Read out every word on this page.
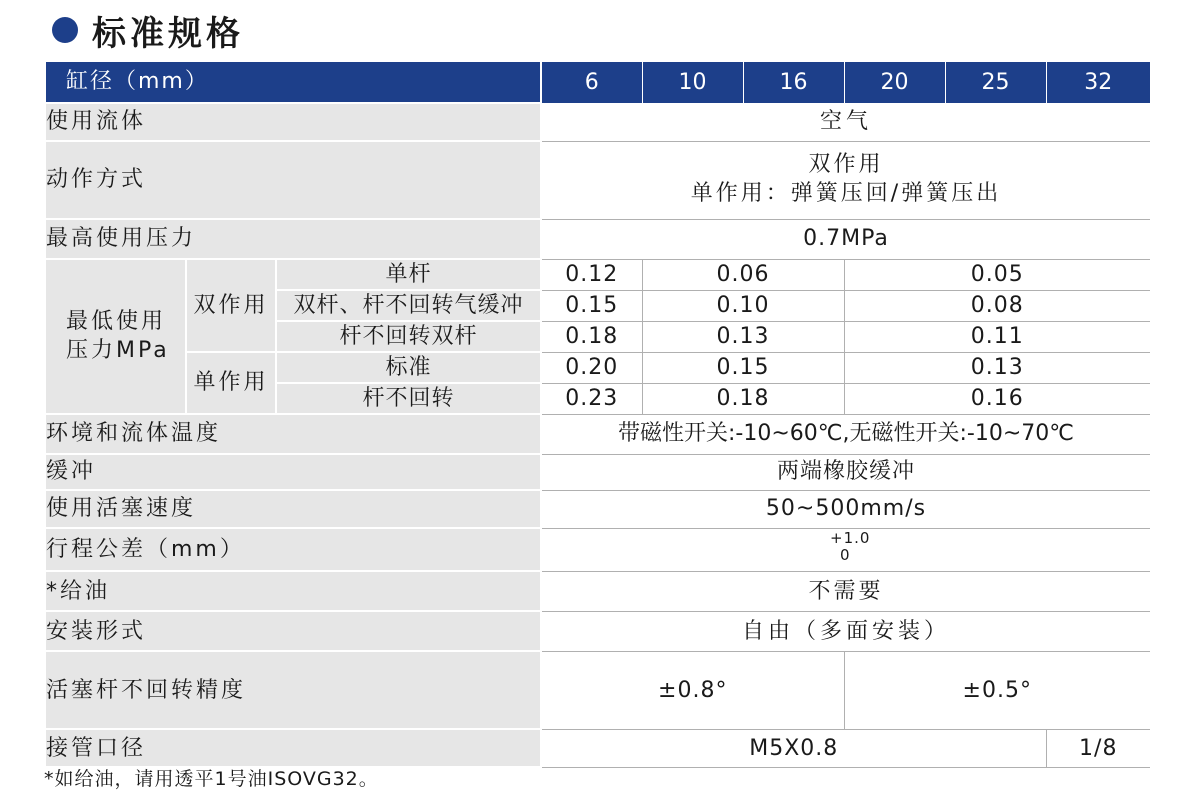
标准规格
缸径（mm）			6	10	16	20	25	32
使用流体			空气					
动作方式			双作用
单作用：弹簧压回/弹簧压出					

最高使用压力			0.7MPa					

最低使用
压力MPa	双作用	单杆	0.12	0.06		0.05		
		双杆、杆不回转气缓冲	0.15	0.10		0.08		
		杆不回转双杆	0.18	0.13		0.11		
	单作用	标准	0.20	0.15		0.13		
		杆不回转	0.23	0.18		0.16		
环境和流体温度			带磁性开关:-10~60℃,无磁性开关:-10~70℃					
缓冲			两端橡胶缓冲					
使用活塞速度			50~500mm/s					
行程公差（mm）			+1.0
0					

*给油			不需要					
安装形式			自由（多面安装）					
活塞杆不回转精度			±0.8°			±0.5°		
接管口径			M5X0.8					1/8
*如给油，请用透平1号油ISOVG32。
